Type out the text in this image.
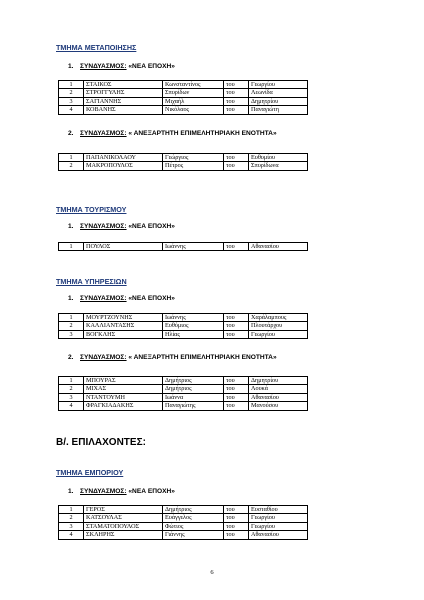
ΤΜΗΜΑ ΜΕΤΑΠΟΙΗΣΗΣ
1. ΣΥΝΔΥΑΣΜΟΣ: «ΝΕΑ ΕΠΟΧΗ»
1	ΣΤΑΙΚΟΣ	Κωνσταντίνος	του	Γεωργίου
2	ΣΤΡΟΓΓΥΛΗΣ	Σπυρίδων	του	Λεωνίδα
3	ΣΑΓΙΑΝΝΗΣ	Μιχαήλ	του	Δημητρίου
4	ΚΟΒΑΝΗΣ	Νικόλαος	του	Παναγιώτη
2. ΣΥΝΔΥΑΣΜΟΣ: « ΑΝΕΞΑΡΤΗΤΗ ΕΠΙΜΕΛΗΤΗΡΙΑΚΗ ΕΝΟΤΗΤΑ»
1	ΠΑΠΑΝΙΚΟΛΑΟΥ	Γεώργιος	του	Ευθυμίου
2	ΜΑΚΡΟΠΟΥΛΟΣ	Πέτρος	του	Σπυρίδωνα
ΤΜΗΜΑ ΤΟΥΡΙΣΜΟΥ
1. ΣΥΝΔΥΑΣΜΟΣ: «ΝΕΑ ΕΠΟΧΗ»
1	ΠΟΥΛΟΣ	Ιωάννης	του	Αθανασίου
ΤΜΗΜΑ ΥΠΗΡΕΣΙΩΝ
1. ΣΥΝΔΥΑΣΜΟΣ: «ΝΕΑ ΕΠΟΧΗ»
1	ΜΟΥΡΤΖΟΥΝΗΣ	Ιωάννης	του	Χαράλαμπους
2	ΚΑΛΛΙΑΝΤΑΣΗΣ	Ευθύμιος	του	Πλουτάρχου
3	ΒΟΓΚΛΗΣ	Ηλίας	του	Γεωργίου
2. ΣΥΝΔΥΑΣΜΟΣ: « ΑΝΕΞΑΡΤΗΤΗ ΕΠΙΜΕΛΗΤΗΡΙΑΚΗ ΕΝΟΤΗΤΑ»
1	ΜΠΟΥΡΑΣ	Δημήτριος	του	Δημητρίου
2	ΜΙΧΑΣ	Δημήτριος	του	Λουκά
3	ΝΤΑΝΤΟΥΜΗ	Ιωάννα	του	Αθανασίου
4	ΦΡΑΓΚΙΑΔΑΚΗΣ	Παναγιώτης	του	Μανούσου
Β/. ΕΠΙΛΑΧΟΝΤΕΣ:
ΤΜΗΜΑ ΕΜΠΟΡΙΟΥ
1. ΣΥΝΔΥΑΣΜΟΣ: «ΝΕΑ ΕΠΟΧΗ»
1	ΓΕΡΟΣ	Δημήτριος	του	Ευσταθίου
2	ΚΑΤΣΟΥΛΑΣ	Ευάγγελος	του	Γεωργίου
3	ΣΤΑΜΑΤΟΠΟΥΛΟΣ	Φώτιος	του	Γεωργίου
4	ΣΚΛΗΡΗΣ	Γιάννης	του	Αθανασίου
6
